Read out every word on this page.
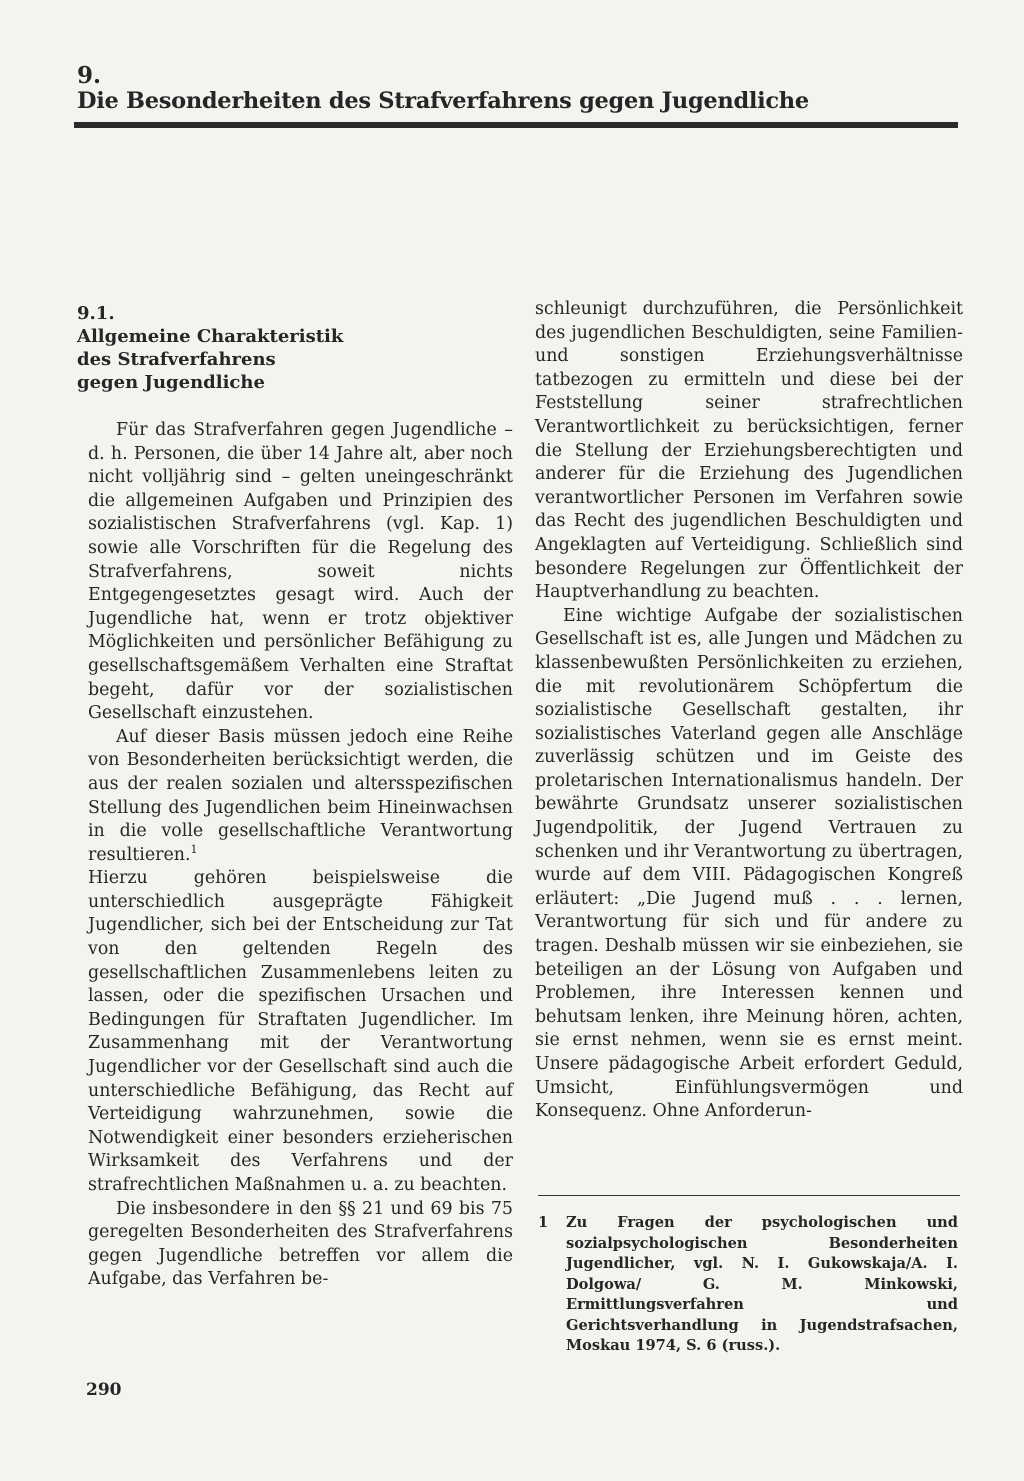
9.
Die Besonderheiten des Strafverfahrens gegen Jugendliche
9.1.
Allgemeine Charakteristik
des Strafverfahrens
gegen Jugendliche

Für das Strafverfahren gegen Jugendliche – d. h. Personen, die über 14 Jahre alt, aber noch nicht volljährig sind – gelten uneingeschränkt die allgemeinen Aufgaben und Prinzipien des sozialistischen Strafverfahrens (vgl. Kap. 1) sowie alle Vorschriften für die Regelung des Strafverfahrens, soweit nichts Entgegengesetztes gesagt wird. Auch der Jugendliche hat, wenn er trotz objektiver Möglichkeiten und persönlicher Befähigung zu gesellschaftsgemäßem Verhalten eine Straftat begeht, dafür vor der sozialistischen Gesellschaft einzustehen.

Auf dieser Basis müssen jedoch eine Reihe von Besonderheiten berücksichtigt werden, die aus der realen sozialen und altersspezifischen Stellung des Jugendlichen beim Hineinwachsen in die volle gesellschaftliche Verantwortung resultieren.$^1$

Hierzu gehören beispielsweise die unterschiedlich ausgeprägte Fähigkeit Jugendlicher, sich bei der Entscheidung zur Tat von den geltenden Regeln des gesellschaftlichen Zusammenlebens leiten zu lassen, oder die spezifischen Ursachen und Bedingungen für Straftaten Jugendlicher. Im Zusammenhang mit der Verantwortung Jugendlicher vor der Gesellschaft sind auch die unterschiedliche Befähigung, das Recht auf Verteidigung wahrzunehmen, sowie die Notwendigkeit einer besonders erzieherischen Wirksamkeit des Verfahrens und der strafrechtlichen Maßnahmen u. a. zu beachten.

Die insbesondere in den §§ 21 und 69 bis 75 geregelten Besonderheiten des Strafverfahrens gegen Jugendliche betreffen vor allem die Aufgabe, das Verfahren be-

schleunigt durchzuführen, die Persönlichkeit des jugendlichen Beschuldigten, seine Familien- und sonstigen Erziehungsverhältnisse tatbezogen zu ermitteln und diese bei der Feststellung seiner strafrechtlichen Verantwortlichkeit zu berücksichtigen, ferner die Stellung der Erziehungsberechtigten und anderer für die Erziehung des Jugendlichen verantwortlicher Personen im Verfahren sowie das Recht des jugendlichen Beschuldigten und Angeklagten auf Verteidigung. Schließlich sind besondere Regelungen zur Öffentlichkeit der Hauptverhandlung zu beachten.

Eine wichtige Aufgabe der sozialistischen Gesellschaft ist es, alle Jungen und Mädchen zu klassenbewußten Persönlichkeiten zu erziehen, die mit revolutionärem Schöpfertum die sozialistische Gesellschaft gestalten, ihr sozialistisches Vaterland gegen alle Anschläge zuverlässig schützen und im Geiste des proletarischen Internationalismus handeln. Der bewährte Grundsatz unserer sozialistischen Jugendpolitik, der Jugend Vertrauen zu schenken und ihr Verantwortung zu übertragen, wurde auf dem VIII. Pädagogischen Kongreß erläutert: „Die Jugend muß . . . lernen, Verantwortung für sich und für andere zu tragen. Deshalb müssen wir sie einbeziehen, sie beteiligen an der Lösung von Aufgaben und Problemen, ihre Interessen kennen und behutsam lenken, ihre Meinung hören, achten, sie ernst nehmen, wenn sie es ernst meint. Unsere pädagogische Arbeit erfordert Geduld, Umsicht, Einfühlungsvermögen und Konsequenz. Ohne Anforderun-

1	Zu Fragen der psychologischen und sozialpsychologischen Besonderheiten Jugendlicher, vgl. N. I. Gukowskaja/A. I. Dolgowa/ G. M. Minkowski, Ermittlungsverfahren und Gerichtsverhandlung in Jugendstrafsachen, Moskau 1974, S. 6 (russ.).
290
